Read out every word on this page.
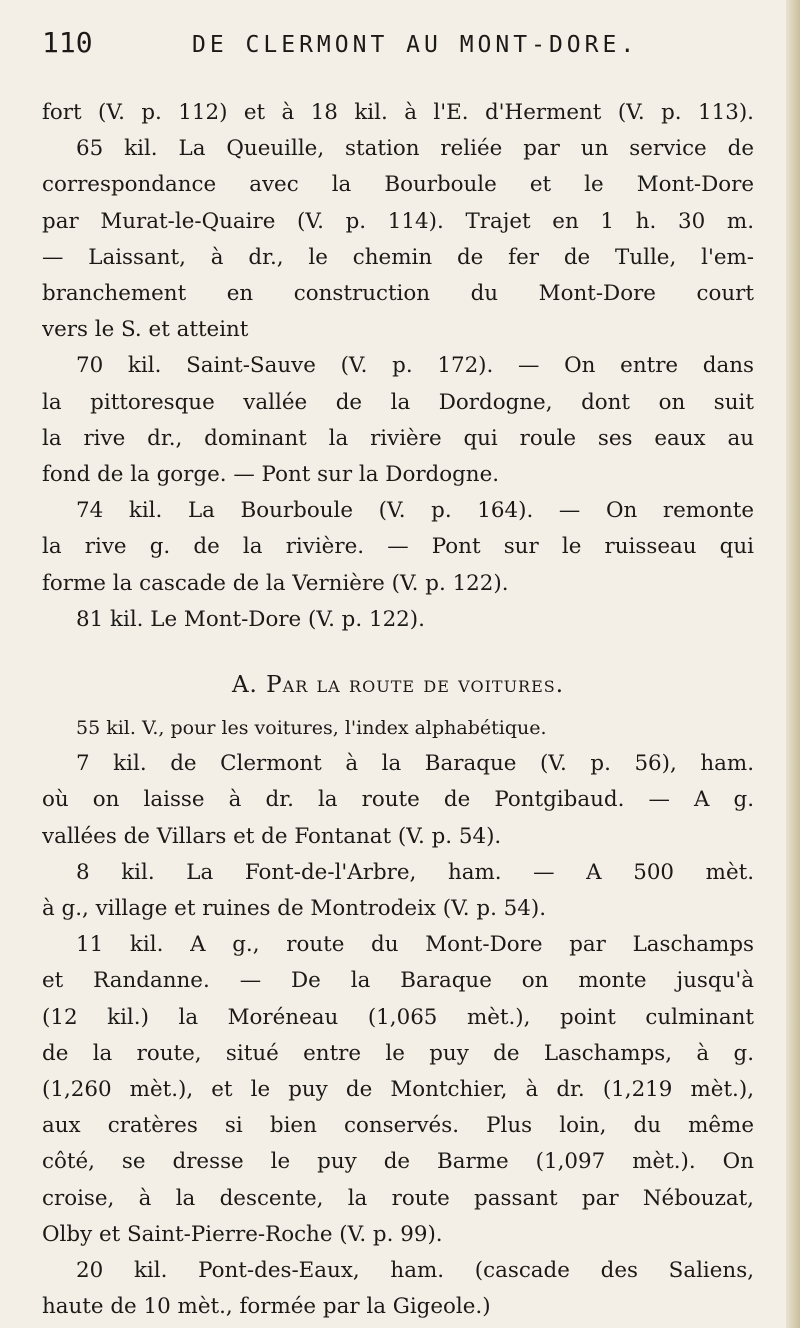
110	DE CLERMONT AU MONT-DORE.
fort (V. p. 112) et à 18 kil. à l'E. d'Herment (V. p. 113).
65 kil. La Queuille, station reliée par un service de
correspondance avec la Bourboule et le Mont-Dore
par Murat-le-Quaire (V. p. 114). Trajet en 1 h. 30 m.
— Laissant, à dr., le chemin de fer de Tulle, l'em-
branchement en construction du Mont-Dore court
vers le S. et atteint
70 kil. Saint-Sauve (V. p. 172). — On entre dans
la pittoresque vallée de la Dordogne, dont on suit
la rive dr., dominant la rivière qui roule ses eaux au
fond de la gorge. — Pont sur la Dordogne.
74 kil. La Bourboule (V. p. 164). — On remonte
la rive g. de la rivière. — Pont sur le ruisseau qui
forme la cascade de la Vernière (V. p. 122).
81 kil. Le Mont-Dore (V. p. 122).
A. Par la route de voitures.
55 kil. V., pour les voitures, l'index alphabétique.
7 kil. de Clermont à la Baraque (V. p. 56), ham.
où on laisse à dr. la route de Pontgibaud. — A g.
vallées de Villars et de Fontanat (V. p. 54).
8 kil. La Font-de-l'Arbre, ham. — A 500 mèt.
à g., village et ruines de Montrodeix (V. p. 54).
11 kil. A g., route du Mont-Dore par Laschamps
et Randanne. — De la Baraque on monte jusqu'à
(12 kil.) la Moréneau (1,065 mèt.), point culminant
de la route, situé entre le puy de Laschamps, à g.
(1,260 mèt.), et le puy de Montchier, à dr. (1,219 mèt.),
aux cratères si bien conservés. Plus loin, du même
côté, se dresse le puy de Barme (1,097 mèt.). On
croise, à la descente, la route passant par Nébouzat,
Olby et Saint-Pierre-Roche (V. p. 99).
20 kil. Pont-des-Eaux, ham. (cascade des Saliens,
haute de 10 mèt., formée par la Gigeole.)
